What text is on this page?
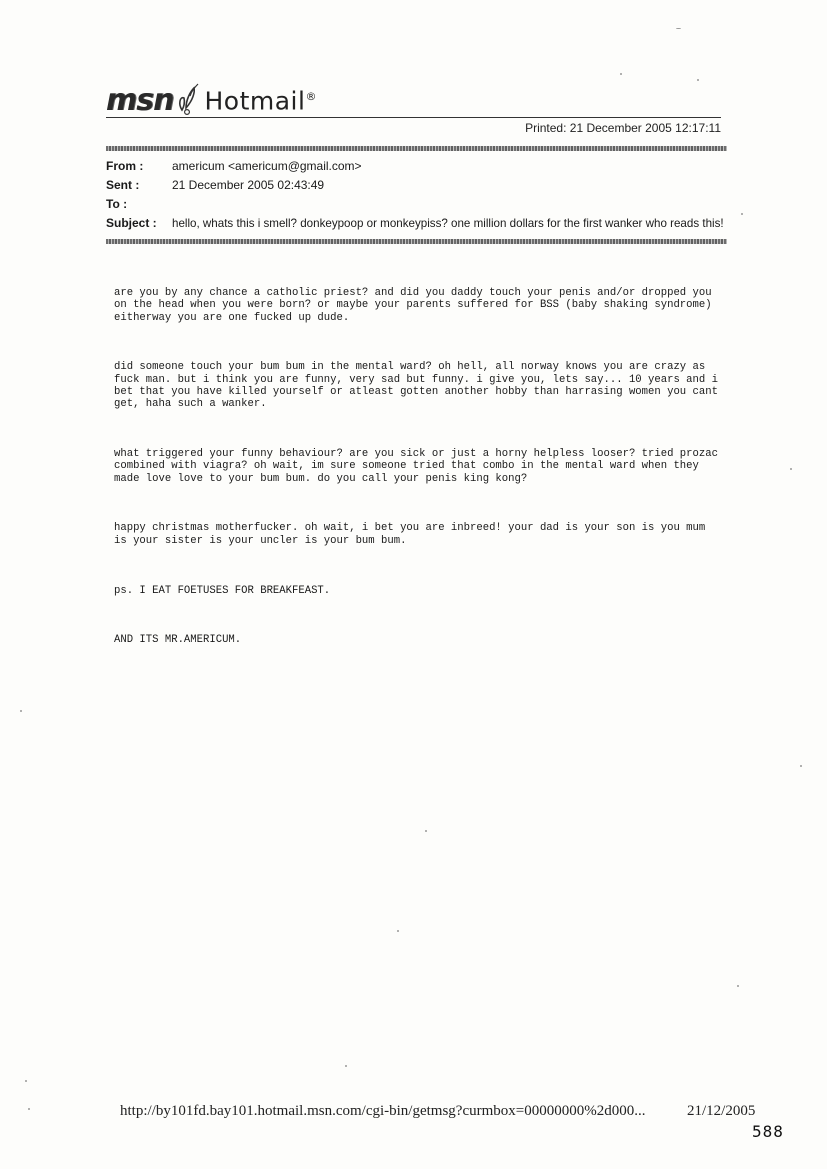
msn Hotmail®
Printed: 21 December 2005 12:17:11
From : americum <americum@gmail.com>
Sent :	21 December 2005 02:43:49
To :
Subject : hello, whats this i smell? donkeypoop or monkeypiss? one million dollars for the first wanker who reads this!

are you by any chance a catholic priest? and did you daddy touch your penis and/or dropped you
on the head when you were born? or maybe your parents suffered for BSS (baby shaking syndrome)
eitherway you are one fucked up dude.

did someone touch your bum bum in the mental ward? oh hell, all norway knows you are crazy as
fuck man. but i think you are funny, very sad but funny. i give you, lets say... 10 years and i
bet that you have killed yourself or atleast gotten another hobby than harrasing women you cant
get, haha such a wanker.

what triggered your funny behaviour? are you sick or just a horny helpless looser? tried prozac
combined with viagra? oh wait, im sure someone tried that combo in the mental ward when they
made love love to your bum bum. do you call your penis king kong?

happy christmas motherfucker. oh wait, i bet you are inbreed! your dad is your son is you mum
is your sister is your uncler is your bum bum.

ps. I EAT FOETUSES FOR BREAKFEAST.

AND ITS MR.AMERICUM.

http://by101fd.bay101.hotmail.msn.com/cgi-bin/getmsg?curmbox=00000000%2d000...	21/12/2005
588
